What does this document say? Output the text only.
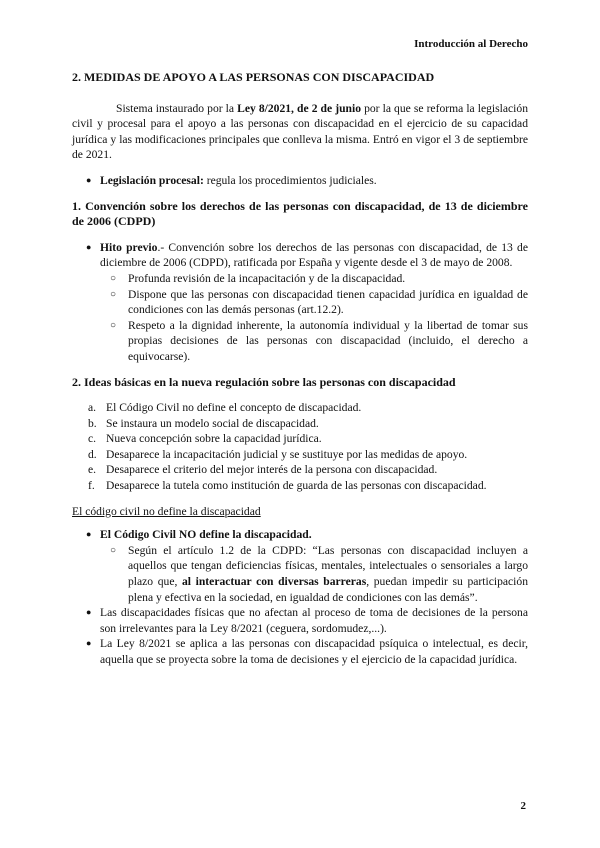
Introducción al Derecho

2. MEDIDAS DE APOYO A LAS PERSONAS CON DISCAPACIDAD

Sistema instaurado por la Ley 8/2021, de 2 de junio por la que se reforma la legislación civil y procesal para el apoyo a las personas con discapacidad en el ejercicio de su capacidad jurídica y las modificaciones principales que conlleva la misma. Entró en vigor el 3 de septiembre de 2021.

● Legislación procesal: regula los procedimientos judiciales.

1. Convención sobre los derechos de las personas con discapacidad, de 13 de diciembre de 2006 (CDPD)

● Hito previo.- Convención sobre los derechos de las personas con discapacidad, de 13 de diciembre de 2006 (CDPD), ratificada por España y vigente desde el 3 de mayo de 2008.
○ Profunda revisión de la incapacitación y de la discapacidad.
○ Dispone que las personas con discapacidad tienen capacidad jurídica en igualdad de condiciones con las demás personas (art.12.2).
○ Respeto a la dignidad inherente, la autonomía individual y la libertad de tomar sus propias decisiones de las personas con discapacidad (incluido, el derecho a equivocarse).

2. Ideas básicas en la nueva regulación sobre las personas con discapacidad

a. El Código Civil no define el concepto de discapacidad.
b. Se instaura un modelo social de discapacidad.
c. Nueva concepción sobre la capacidad jurídica.
d. Desaparece la incapacitación judicial y se sustituye por las medidas de apoyo.
e. Desaparece el criterio del mejor interés de la persona con discapacidad.
f. Desaparece la tutela como institución de guarda de las personas con discapacidad.

El código civil no define la discapacidad

● El Código Civil NO define la discapacidad.
○ Según el artículo 1.2 de la CDPD: “Las personas con discapacidad incluyen a aquellos que tengan deficiencias físicas, mentales, intelectuales o sensoriales a largo plazo que, al interactuar con diversas barreras, puedan impedir su participación plena y efectiva en la sociedad, en igualdad de condiciones con las demás”.
● Las discapacidades físicas que no afectan al proceso de toma de decisiones de la persona son irrelevantes para la Ley 8/2021 (ceguera, sordomudez,...).
● La Ley 8/2021 se aplica a las personas con discapacidad psíquica o intelectual, es decir, aquella que se proyecta sobre la toma de decisiones y el ejercicio de la capacidad jurídica.
2
